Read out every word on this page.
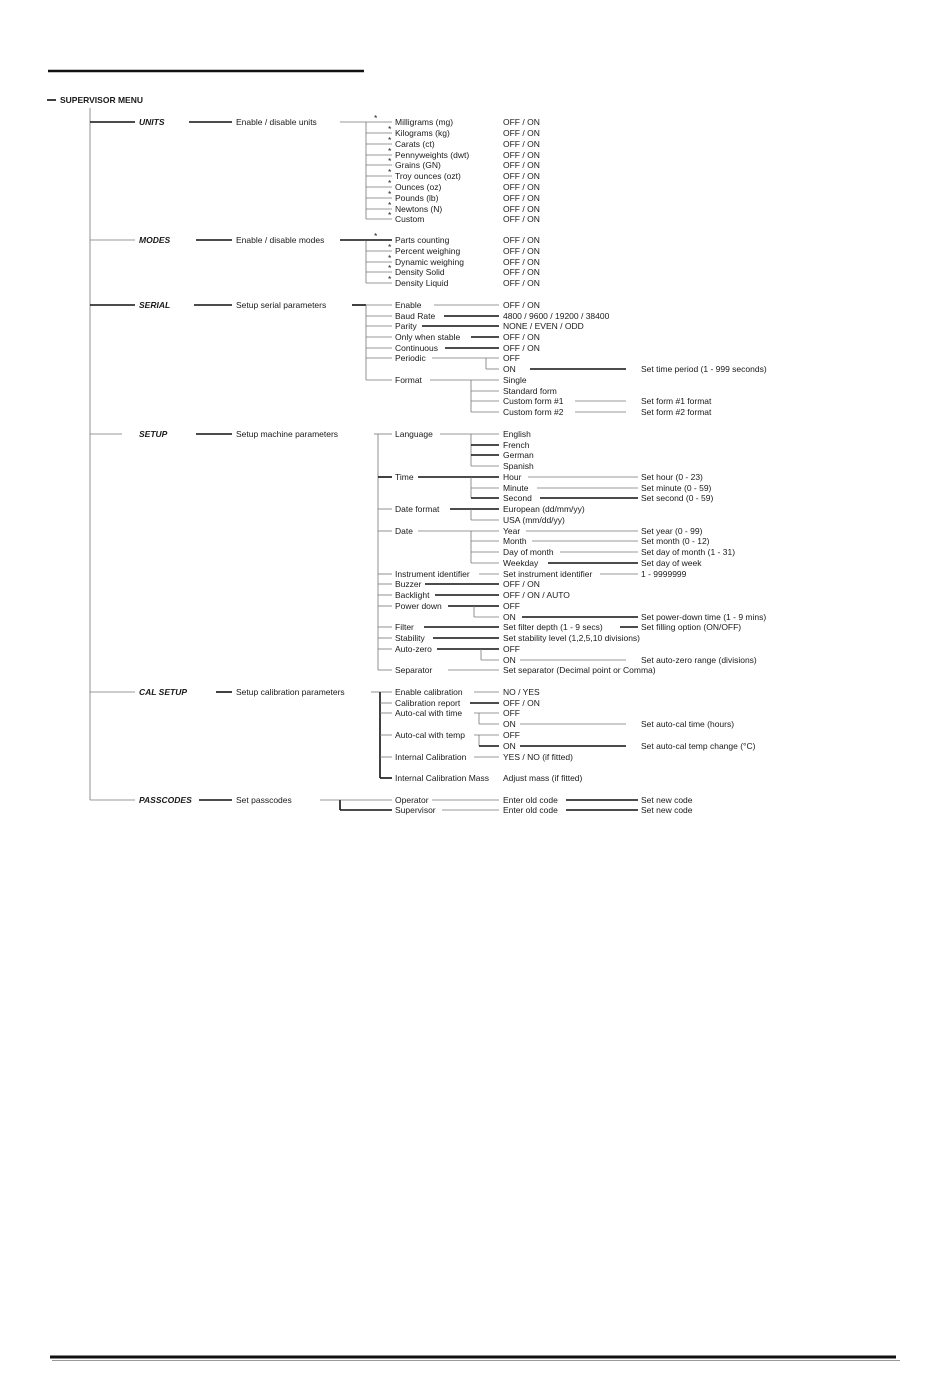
SUPERVISOR MENU
UNITS	Enable / disable units	* Milligrams (mg)	OFF / ON
* Kilograms (kg)	OFF / ON
* Carats (ct)	OFF / ON
* Pennyweights (dwt)	OFF / ON
* Grains (GN)	OFF / ON
* Troy ounces (ozt)	OFF / ON
* Ounces (oz)	OFF / ON
* Pounds (lb)	OFF / ON
* Newtons (N)	OFF / ON
* Custom	OFF / ON
MODES	Enable / disable modes	* Parts counting	OFF / ON
* Percent weighing	OFF / ON
* Dynamic weighing	OFF / ON
* Density Solid	OFF / ON
* Density Liquid	OFF / ON
SERIAL	Setup serial parameters	Enable	OFF / ON
Baud Rate	4800 / 9600 / 19200 / 38400
Parity	NONE / EVEN / ODD
Only when stable	OFF / ON
Continuous	OFF / ON
Periodic	OFF
ON	Set time period (1 - 999 seconds)
Format	Single
Standard form
Custom form #1	Set form #1 format
Custom form #2	Set form #2 format
SETUP	Setup machine parameters	Language	English
French
German
Spanish
Time	Hour	Set hour (0 - 23)
Minute	Set minute (0 - 59)
Second	Set second (0 - 59)
Date format	European (dd/mm/yy)
USA (mm/dd/yy)
Date	Year	Set year (0 - 99)
Month	Set month (0 - 12)
Day of month	Set day of month (1 - 31)
Weekday	Set day of week
Instrument identifier	Set instrument identifier	1 - 9999999
Buzzer	OFF / ON
Backlight	OFF / ON / AUTO
Power down	OFF
ON	Set power-down time (1 - 9 mins)
Filter	Set filter depth (1 - 9 secs)	Set filling option (ON/OFF)
Stability	Set stability level (1,2,5,10 divisions)
Auto-zero	OFF
ON	Set auto-zero range (divisions)
Separator	Set separator (Decimal point or Comma)
CAL SETUP	Setup calibration parameters	Enable calibration	NO / YES
Calibration report	OFF / ON
Auto-cal with time	OFF
ON	Set auto-cal time (hours)
Auto-cal with temp	OFF
ON	Set auto-cal temp change (°C)
Internal Calibration	YES / NO (if fitted)
Internal Calibration Mass Adjust mass (if fitted)
PASSCODES	Set passcodes	Operator	Enter old code	Set new code
Supervisor	Enter old code	Set new code
